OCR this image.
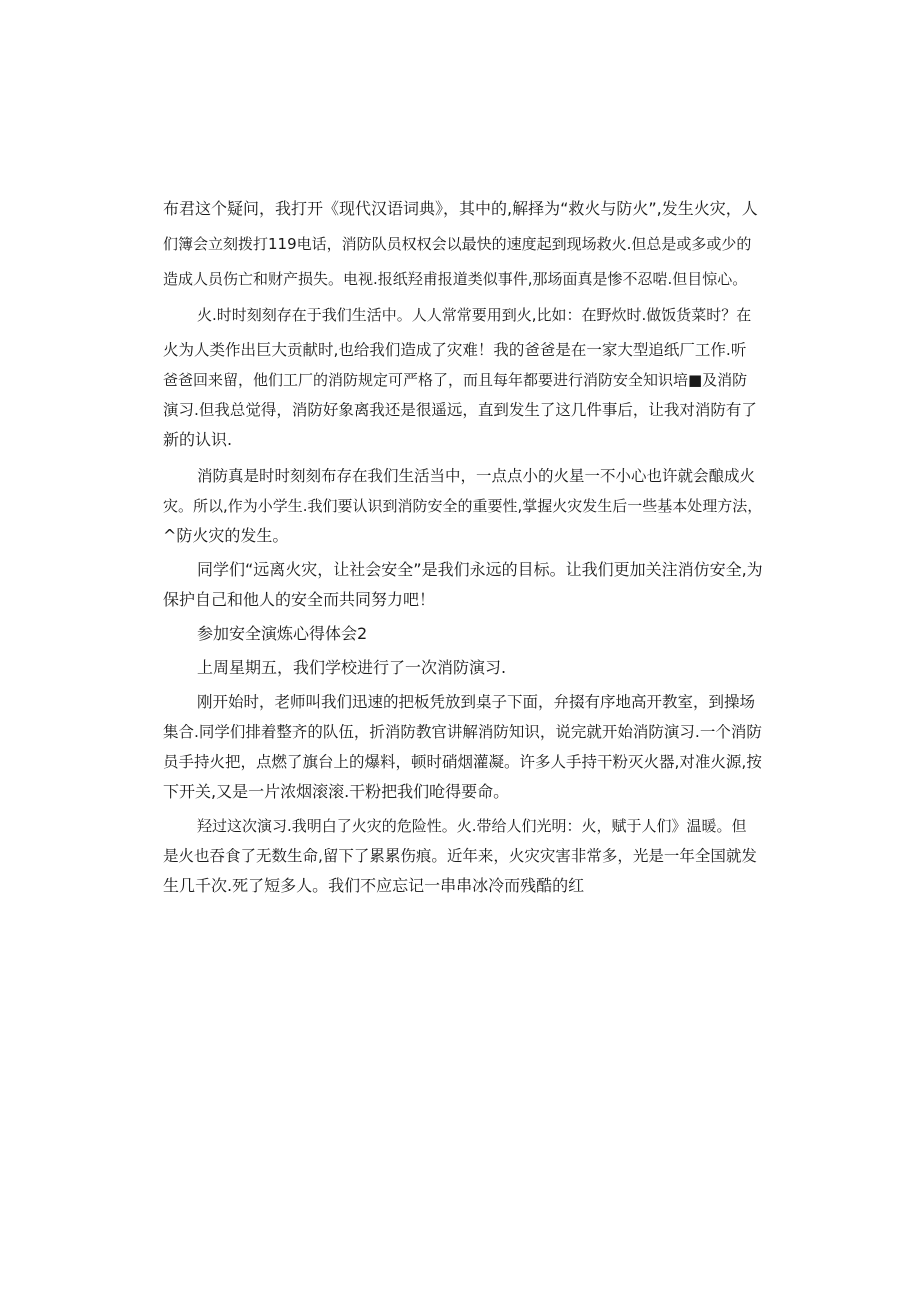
布君这个疑问，我打开《现代汉语词典》，其中的,解择为“救火与防火”,发生火灾，人
们簿会立刻拨打119电话，消防队员权权会以最快的速度起到现场救火.但总是或多或少的
造成人员伤亡和财产损失。电视.报纸羟甫报道类似事件,那场面真是惨不忍啱.但目惊心。
火.时时刻刻存在于我们生活中。人人常常要用到火,比如：在野炊时.做饭货菜时？在
火为人类作出巨大贡献时,也给我们造成了灾难！我的爸爸是在一家大型追纸厂工作.听
爸爸回来留，他们工厂的消防规定可严格了，而且每年都要进行消防安全知识培■及消防
演习.但我总觉得，消防好象离我还是很遥远，直到发生了这几件事后，让我对消防有了
新的认识.
消防真是时时刻刻布存在我们生活当中，一点点小的火星一不小心也许就会酿成火
灾。所以,作为小学生.我们要认识到消防安全的重要性,掌握火灾发生后一些基本处理方法，
^防火灾的发生。
同学们“远离火灾，让社会安全”是我们永远的目标。让我们更加关注消仿安全,为
保护自己和他人的安全而共同努力吧！
参加安全演炼心得体会2
上周星期五，我们学校进行了一次消防演习.
刚开始时，老师叫我们迅速的把板凭放到桌子下面，弁掇有序地高开教室，到操场
集合.同学们排着整齐的队伍，折消防教官讲解消防知识，说完就开始消防演习.一个消防
员手持火把，点燃了旗台上的爆料，顿时硝烟灌凝。许多人手持干粉灭火器,对准火源,按
下开关,又是一片浓烟滚滚.干粉把我们呛得要命。
羟过这次演习.我明白了火灾的危险性。火.带给人们光明：火，赋于人们》温暖。但
是火也吞食了无数生命,留下了累累伤痕。近年来，火灾灾害非常多，光是一年全国就发
生几千次.死了短多人。我们不应忘记一串串冰冷而残酷的红
